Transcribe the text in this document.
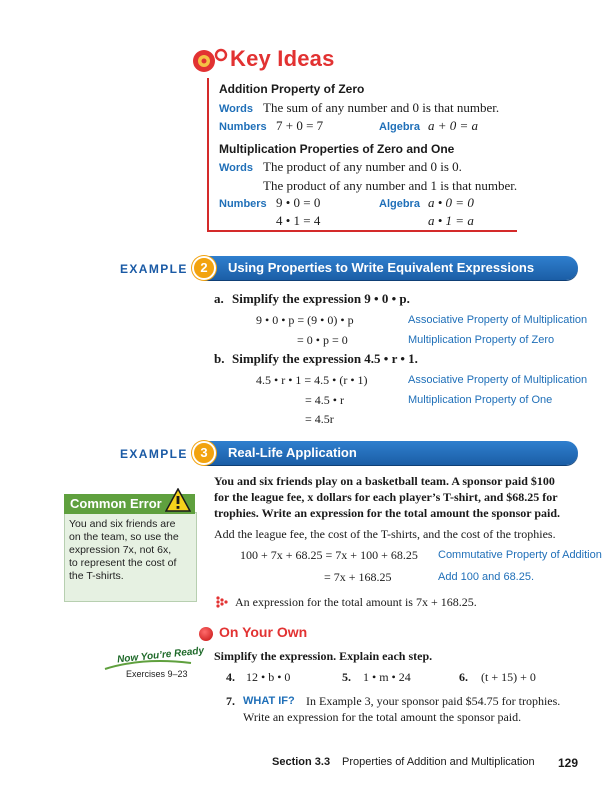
Key Ideas
Addition Property of Zero
Words The sum of any number and 0 is that number.
Numbers 7 + 0 = 7	Algebra a + 0 = a
Multiplication Properties of Zero and One
Words The product of any number and 0 is 0.
The product of any number and 1 is that number.
Numbers 9 • 0 = 0
4 • 1 = 4
Algebra a • 0 = 0
a • 1 = a
EXAMPLE	Using Properties to Write Equivalent Expressions
2
a. Simplify the expression 9 • 0 • p.
9 • 0 • p = (9 • 0) • p	Associative Property of Multiplication
= 0 • p = 0	Multiplication Property of Zero
b. Simplify the expression 4.5 • r • 1.
4.5 • r • 1 = 4.5 • (r • 1)	Associative Property of Multiplication
= 4.5 • r	Multiplication Property of One
= 4.5r
EXAMPLE	Real-Life Application
3
You and six friends play on a basketball team. A sponsor paid $100
for the league fee, x dollars for each player’s T-shirt, and $68.25 for
trophies. Write an expression for the total amount the sponsor paid.
Add the league fee, the cost of the T-shirts, and the cost of the trophies.
100 + 7x + 68.25 = 7x + 100 + 68.25 Commutative Property of Addition
= 7x + 168.25	Add 100 and 68.25.
An expression for the total amount is 7x + 168.25.
Common Error
You and six friends are
on the team, so use the
expression 7x, not 6x,
to represent the cost of
the T-shirts.
On Your Own
Now You’re Ready
Exercises 9–23
Simplify the expression. Explain each step.
4. 12 • b • 0	5. 1 • m • 24	6. (t + 15) + 0
7. WHAT IF? In Example 3, your sponsor paid $54.75 for trophies.
Write an expression for the total amount the sponsor paid.
Section 3.3 Properties of Addition and Multiplication 129
